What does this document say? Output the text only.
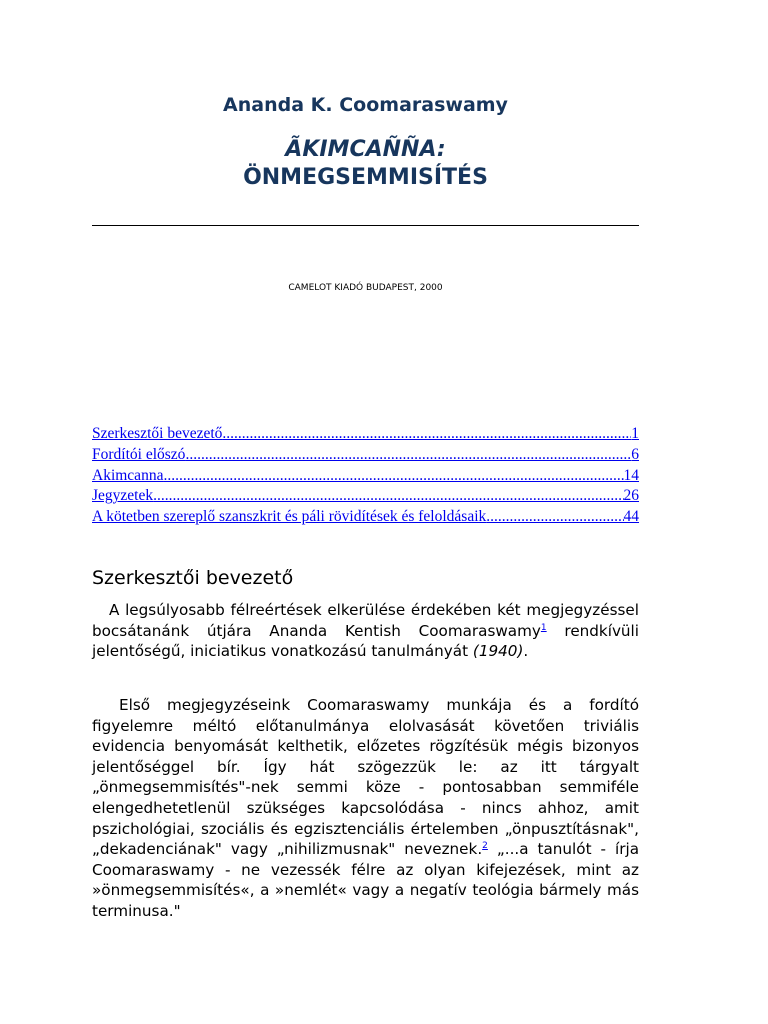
Ananda K. Coomaraswamy
ÃKIMCAÑÑA:
ÖNMEGSEMMISÍTÉS
CAMELOT KIADÓ BUDAPEST, 2000
Szerkesztői bevezető .....	1
Fordítói előszó .....	6
Akimcanna .....	14
Jegyzetek .....	26
A kötetben szereplő szanszkrit és páli rövidítések és feloldásaik .....	44
Szerkesztői bevezető

A legsúlyosabb félreértések elkerülése érdekében két megjegyzéssel bocsátanánk útjára Ananda Kentish Coomaraswamy$^1$ rendkívüli jelentőségű, iniciatikus vonatkozású tanulmányát (1940).

Első megjegyzéseink Coomaraswamy munkája és a fordító figyelemre méltó előtanulmánya elolvasását követően triviális evidencia benyomását kelthetik, előzetes rögzítésük mégis bizonyos jelentőséggel bír. Így hát szögezzük le: az itt tárgyalt „önmegsemmisítés"-nek semmi köze - pontosabban semmiféle elengedhetetlenül szükséges kapcsolódása - nincs ahhoz, amit pszichológiai, szociális és egzisztenciális értelemben „önpusztításnak", „dekadenciának" vagy „nihilizmusnak" neveznek.$^2$ „...a tanulót - írja Coomaraswamy - ne vezessék félre az olyan kifejezések, mint az »önmegsemmisítés«, a »nemlét« vagy a negatív teológia bármely más terminusa."
